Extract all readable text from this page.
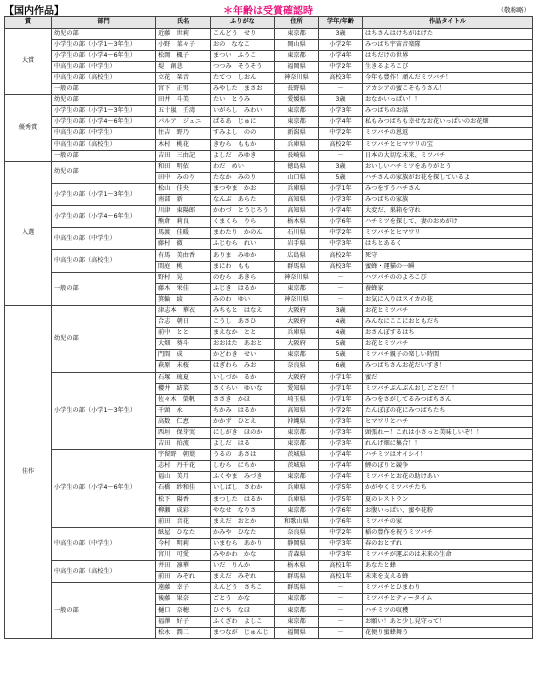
【国内作品】	＊年齢は受賞確認時	（敬称略）
賞	部門	氏名	ふりがな	住所	学年/年齢	作品タイトル
大賞	幼児の部	近藤　世莉	こんどう　せり	東京都	3歳	はちさんはけちがはげた
	小学生の部（小学1～3年生）	小野　菜々子	おの　ななこ	岡山県	小学2年	みつばち宇宙音楽隊
	小学生の部（小学4～6年生）	松岡　楓子	まつい　ふうこ	東京都	小学4年	はちだけの世界
	中高生の部（中学生）	堤　創悲	つつみ　そうそう	福岡県	中学2年	生きるよろこび
	中高生の部（高校生）	立花　栞音	たてつ　しおん	神奈川県	高校3年	今年も豊作！頑んだミツバチ！
	一般の部	宮下　正男	みやした　まさお	長野県	－	アカシアの蜜こそもうさん！
優秀賞	幼児の部	田井　斗美	たい　とうみ	愛媛県	3歳	おなかいっぱい！！
	小学生の部（小学1～3年生）	五十嵐　壬湾	いがらし　みわい	東京都	小学3年	みつばちのお話
	小学生の部（小学4～6年生）	パルア　ジュニ	ぱるあ　じゅに	東京都	小学4年	私もみつばちも幸せなお花いっぱいのお花畑
	中高生の部（中学生）	住吉　野乃	すみよし　のの	新潟県	中学2年	ミツバチの恩返
	中高生の部（高校生）	木村　桃花	きむら　ももか	兵庫県	高校2年	ミツバチとヒマワリの宝
	一般の部	吉田　三由記	よしだ　みゆき	長崎県	－	日本の大切な未来、ミツバチ
入選	幼児の部	和田　明依	わだ　めい	徳島県	3歳	おいしいハチミツをありがとう
		田中　みのり	たなか　みのり	山口県	5歳	ハチさんの家族がお花を探しているよ
	小学生の部（小学1～3年生）	松山　佳央	まつやま　かお	兵庫県	小学1年	みつをすうハチさん
		南部　新	なんぶ　あらた	高知県	小学3年	みつばちの家族
	小学生の部（小学4～6年生）	川津　東陽郎	かわづ　とうじろう	高知県	小学4年	大変だ、巣箱を守れ
		熊倉　莉良	くまくら　りら	栃木県	小学6年	ハチミツを探して、妻のおめがけ
	中高生の部（中学生）	馬渡　佳暖	まわたり　かのん	石川県	中学2年	ミツバチとヒマワリ
		藤村　徹	ふじむら　れい	岩手県	中学3年	はちとあるく
	中高生の部（高校生）	有馬　美由香	ありま　みゆか	広島県	高校2年	死守
		間庭　桃	まにわ　もも	群馬県	高校3年	蜜蜂・運猫の一瞬
	一般の部	野村　晃	のむら　あきら	神奈川県	－	ハツバチののよろこび
		藤木　栄佳	ふじき　はるか	東京都	－	養蜂家
		箕輪　綾	みのわ　ゆい	神奈川県	－	お気に入りはスイカの花
佳作	幼児の部	津志本　華衣	みちもと　はなえ	大阪府	3歳	お花とミツバチ
		合志　朝日	こうし　あさひ	大阪府	4歳	みんなにここにおともだち
		前中　とと	まえなか　とと	兵庫県	4歳	おさんぽするはち
		大畑　葵斗	おおはた　あおと	大阪府	5歳	お花とミツバチ
		門間　成	かどわき　せい	東京都	5歳	ミツバチ親子の楽しい時間
		萩原　未桜	はぎわら　みお	奈良県	6歳	みつばちさんお花だいすき！
	小学生の部（小学1～3年生）	石塚　琉夏	いしづか　るか	大阪府	小学1年	蜜だ
		櫻井　結菜	さくらい　ゆいな	愛知県	小学1年	ミツバチぶんぶんおしごとだ！！
		佐々木　榮帆	ささき　かほ	埼玉県	小学1年	みつをさがしてるみつばちさん
		千頭　永	ちかみ　はるか	高知県	小学2年	たんぽぽの花にみつばちたち
		高数　仁恵	かかず　ひとえ	沖縄県	小学3年	ヒマワリとハチ
		西垣　保芽実	にしがき　ほのか	東京都	小学3年	頭張れー！これは小さっと美味しいぞ！！
		吉田　拍流	よしだ　はる	東京都	小学3年	れんげ畑に集合！！
	小学生の部（小学4～6年生）	宇留野　朝葉	うるの　あさは	茨城県	小学4年	ハチミツはオイシイ！
		志村　丹千花	しむら　にちか	茨城県	小学4年	鯉のぼりと競争
		福山　美月	ふくやま　みづき	東京都	小学4年	ミツバチとお花の助けあい
		石橋　紗和佳	いしばし　さわか	兵庫県	小学5年	かがやくミツバチたち
		松下　陽香	まつした　はるか	兵庫県	小学5年	夏のレストラン
		柳瀬　成彩	やなせ　なりさ	東京都	小学6年	お腹いっぱい、蜜や花粉
		前田　音花	まえだ　おとか	和歌山県	小学6年	ミツバチの家
	中高生の部（中学生）	紙屋　ひなた	かみや　ひなた	奈良県	中学2年	稲の豊作を祝うミツバチ
		今村　明莉	いまむら　あかり	静岡県	中学3年	春のおとずれ
		宮川　可愛	みやかわ　かな	青森県	中学3年	ミツバチが運ぶのは未来の生命
	中高生の部（高校生）	井田　凛華	いだ　りんか	栃木県	高校1年	あなたと蜂
		前田　みぞれ	まえだ　みぞれ	群馬県	高校1年	未来を支える蜂
	一般の部	遠藤　幸子	えんどう　さちこ	群馬県	－	ミツバチとひまわり
		後藤　果奈	ごとう　かな	東京都	－	ミツバチとティータイム
		樋口　奈穂	ひぐち　なほ	東京都	－	ハチミツの収穫
		福澤　好子	ふくざわ　よしこ	東京都	－	お願い！あと少し見守って！
		松永　潤二	まつなが　じゅんじ	福岡県	－	花便り蜜蜂舞う
